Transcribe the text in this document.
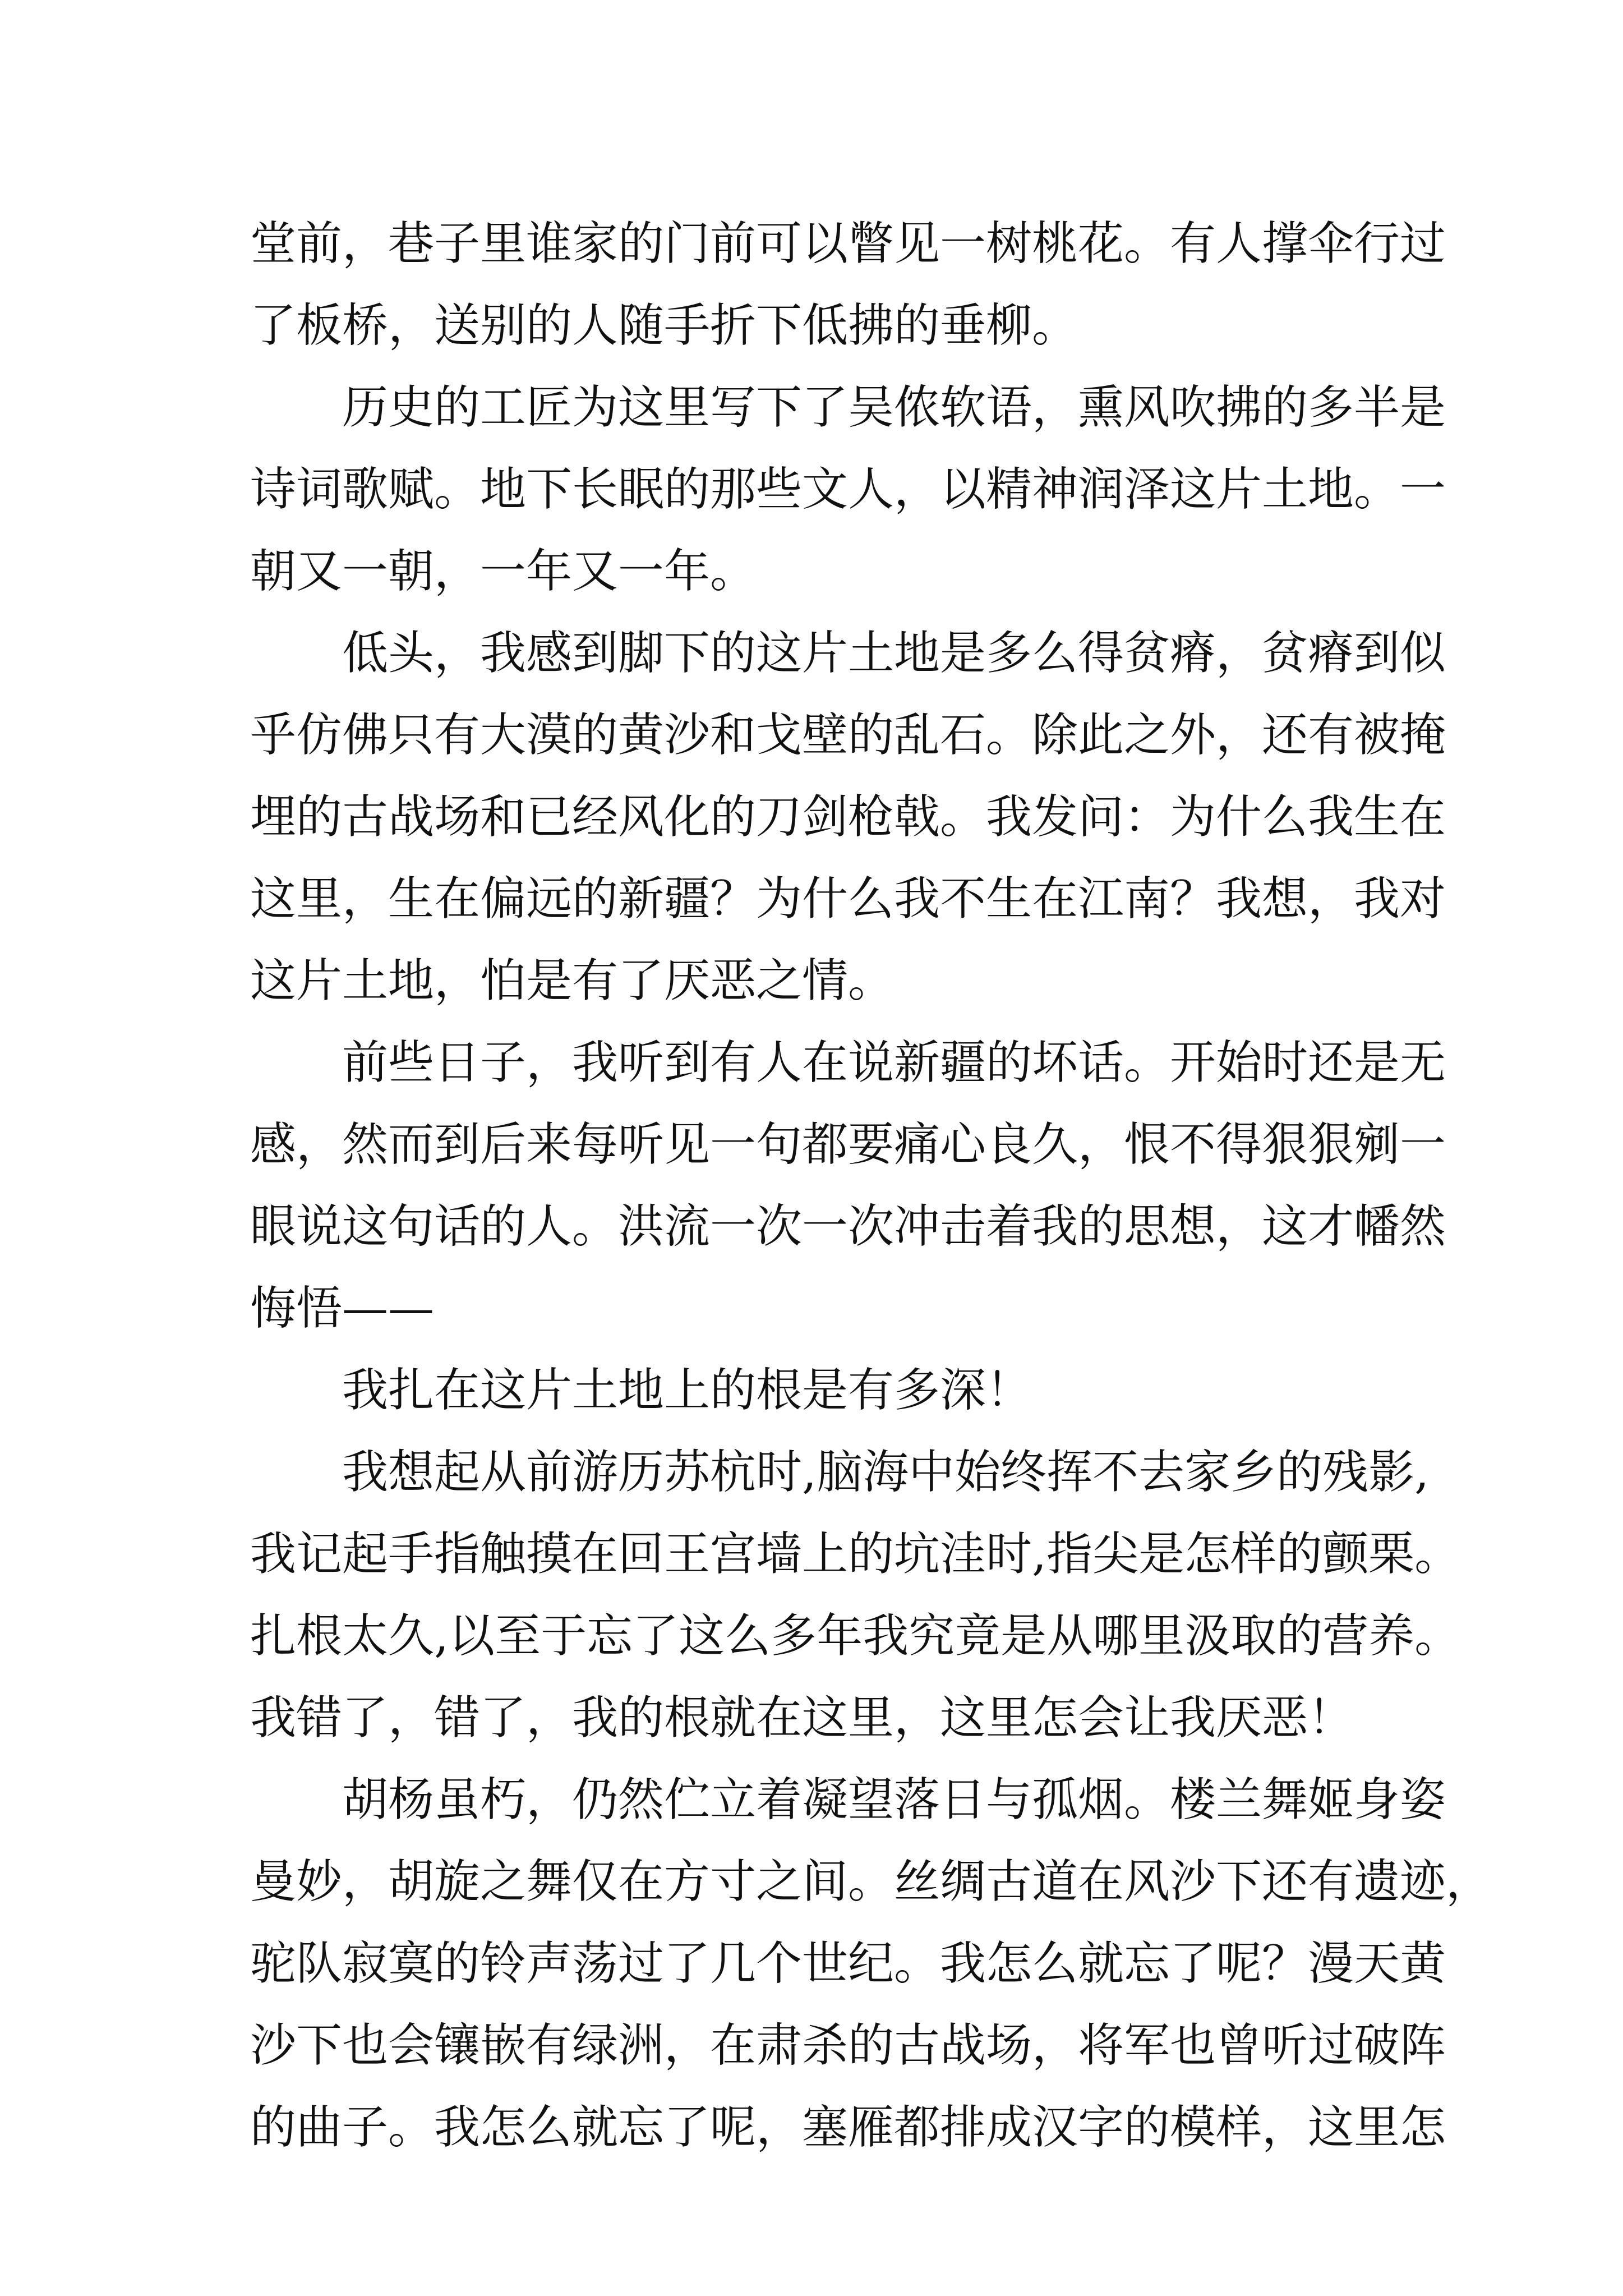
堂前，巷子里谁家的门前可以瞥见一树桃花。有人撑伞行过
了板桥，送别的人随手折下低拂的垂柳。
历史的工匠为这里写下了吴侬软语，熏风吹拂的多半是
诗词歌赋。地下长眠的那些文人，以精神润泽这片土地。一
朝又一朝，一年又一年。
低头，我感到脚下的这片土地是多么得贫瘠，贫瘠到似
乎仿佛只有大漠的黄沙和戈壁的乱石。除此之外，还有被掩
埋的古战场和已经风化的刀剑枪戟。我发问：为什么我生在
这里，生在偏远的新疆？为什么我不生在江南？我想，我对
这片土地，怕是有了厌恶之情。
前些日子，我听到有人在说新疆的坏话。开始时还是无
感，然而到后来每听见一句都要痛心良久，恨不得狠狠剜一
眼说这句话的人。洪流一次一次冲击着我的思想，这才幡然
悔悟——
我扎在这片土地上的根是有多深！
我想起从前游历苏杭时,脑海中始终挥不去家乡的残影,
我记起手指触摸在回王宫墙上的坑洼时,指尖是怎样的颤栗。
扎根太久,以至于忘了这么多年我究竟是从哪里汲取的营养。
我错了，错了，我的根就在这里，这里怎会让我厌恶！
胡杨虽朽，仍然伫立着凝望落日与孤烟。楼兰舞姬身姿
曼妙，胡旋之舞仅在方寸之间。丝绸古道在风沙下还有遗迹，
驼队寂寞的铃声荡过了几个世纪。我怎么就忘了呢？漫天黄
沙下也会镶嵌有绿洲，在肃杀的古战场，将军也曾听过破阵
的曲子。我怎么就忘了呢，塞雁都排成汉字的模样，这里怎
